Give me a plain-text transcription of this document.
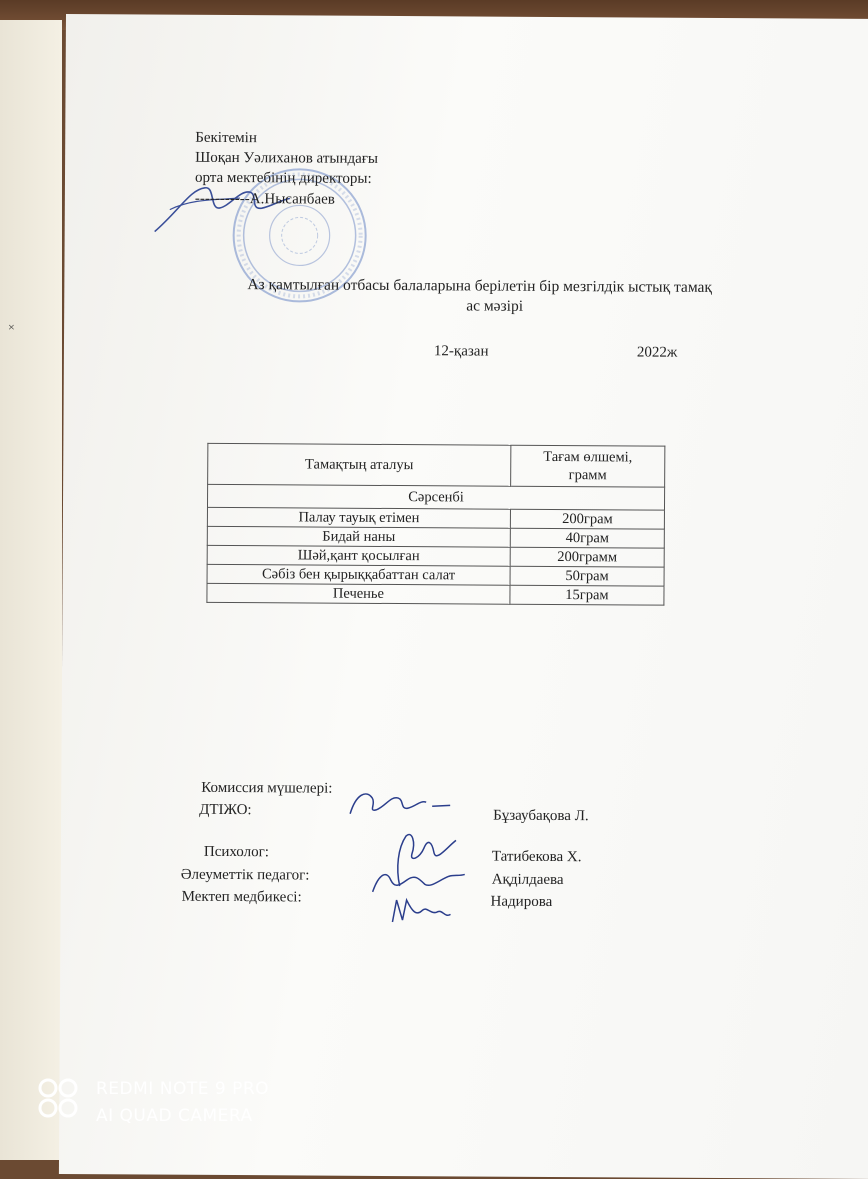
×
Бекітемін
Шоқан Уәлиханов атындағы
орта мектебінің директоры:
-----------А.Нысанбаев
Аз қамтылған отбасы балаларына берілетін бір мезгілдік ыстық тамақ
ас мәзірі
12-қазан	2022ж
Тамақтың аталуы	Тағам өлшемі,
грамм
Сәрсенбі	
Палау тауық етімен	200грам
Бидай наны	40грам
Шәй,қант қосылған	200грамм
Сәбіз бен қырыққабаттан салат	50грам
Печенье	15грам
Комиссия мүшелері:
ДТІЖО:	Бұзаубақова Л.
Психолог:	Татибекова Х.
Әлеуметтік педагог:	Ақділдаева
Мектеп медбикесі:	Надирова
REDMI NOTE 9 PRO
AI QUAD CAMERA
